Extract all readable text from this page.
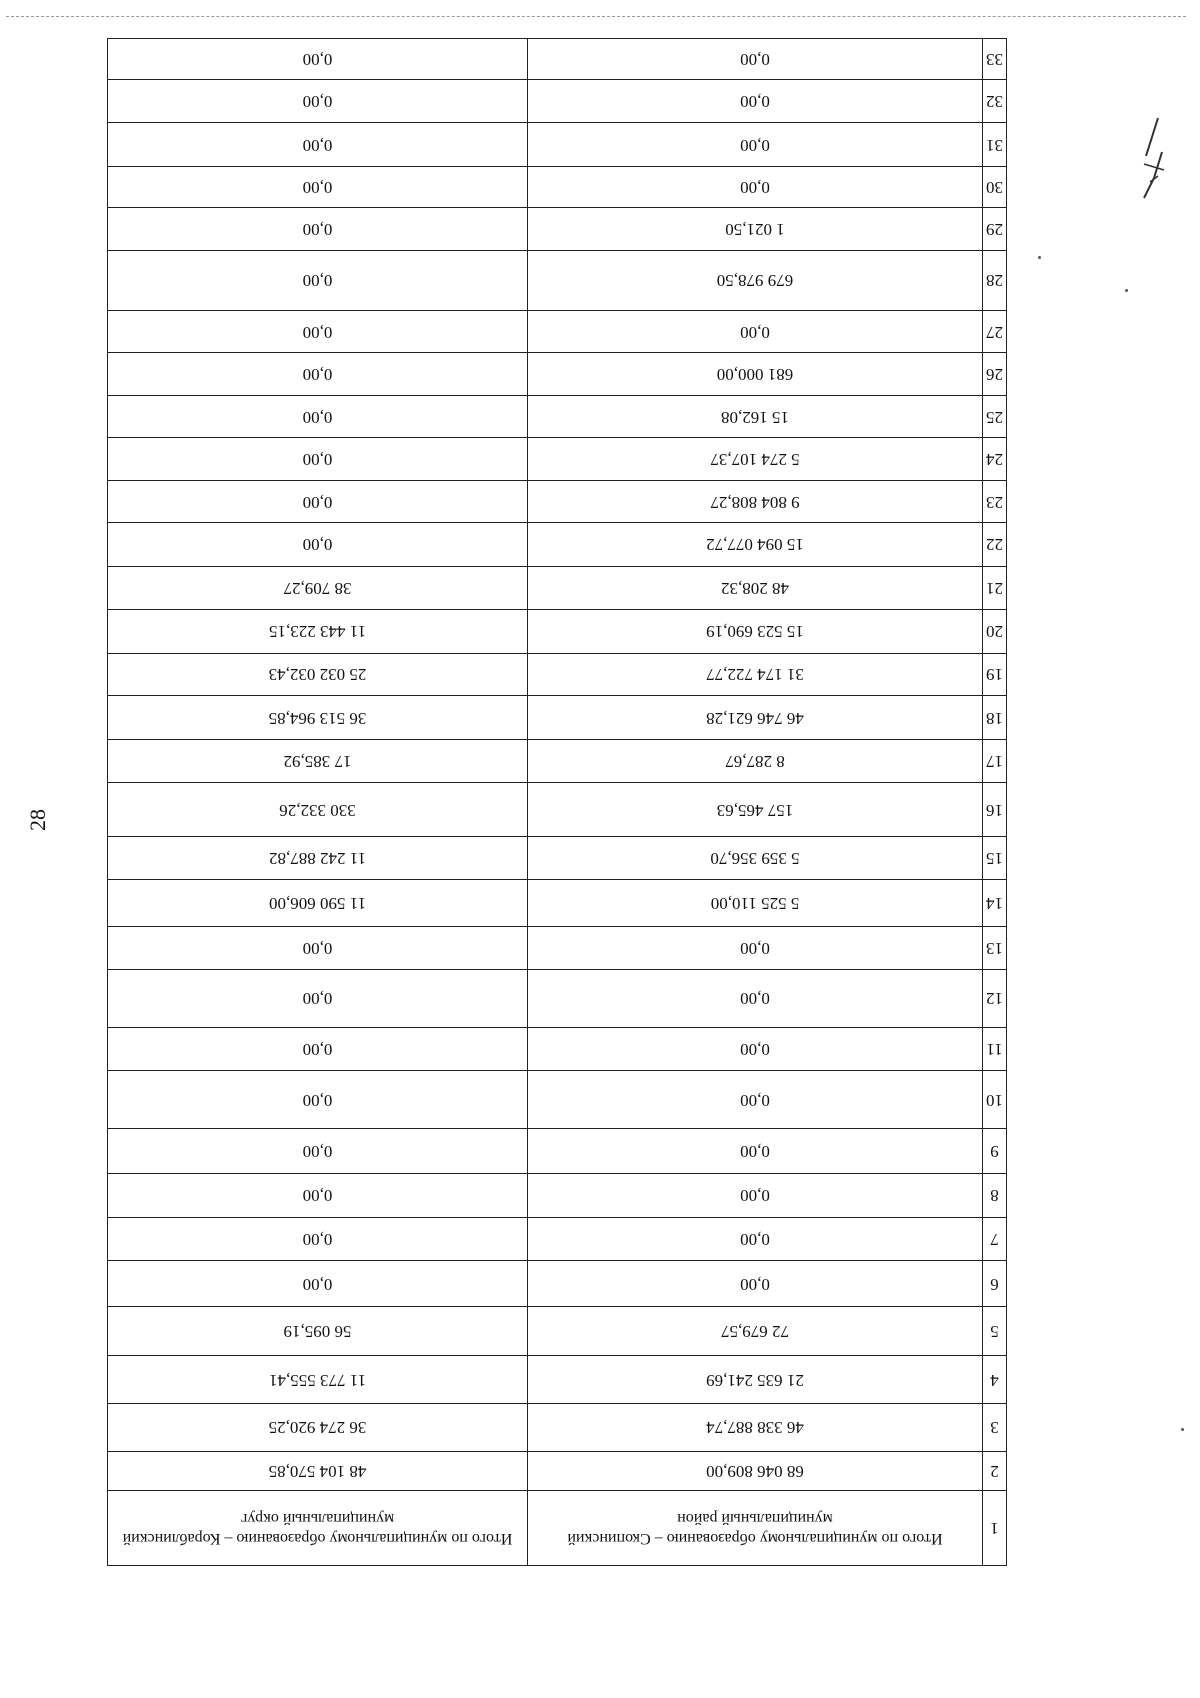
28
1	Итого по муниципальному образованию – Скопинский муниципальный район	Итого по муниципальному образованию – Кораблинский муниципальный округ
2	68 046 809,00	48 104 570,85
3	46 338 887,74	36 274 920,25
4	21 635 241,69	11 773 555,41
5	72 679,57	56 095,19
6	0,00	0,00
7	0,00	0,00
8	0,00	0,00
9	0,00	0,00
10	0,00	0,00
11	0,00	0,00
12	0,00	0,00
13	0,00	0,00
14	5 525 110,00	11 590 606,00
15	5 359 356,70	11 242 887,82
16	157 465,63	330 332,26
17	8 287,67	17 385,92
18	46 746 621,28	36 513 964,85
19	31 174 722,77	25 032 032,43
20	15 523 690,19	11 443 223,15
21	48 208,32	38 709,27
22	15 094 077,72	0,00
23	9 804 808,27	0,00
24	5 274 107,37	0,00
25	15 162,08	0,00
26	681 000,00	0,00
27	0,00	0,00
28	679 978,50	0,00
29	1 021,50	0,00
30	0,00	0,00
31	0,00	0,00
32	0,00	0,00
33	0,00	0,00
